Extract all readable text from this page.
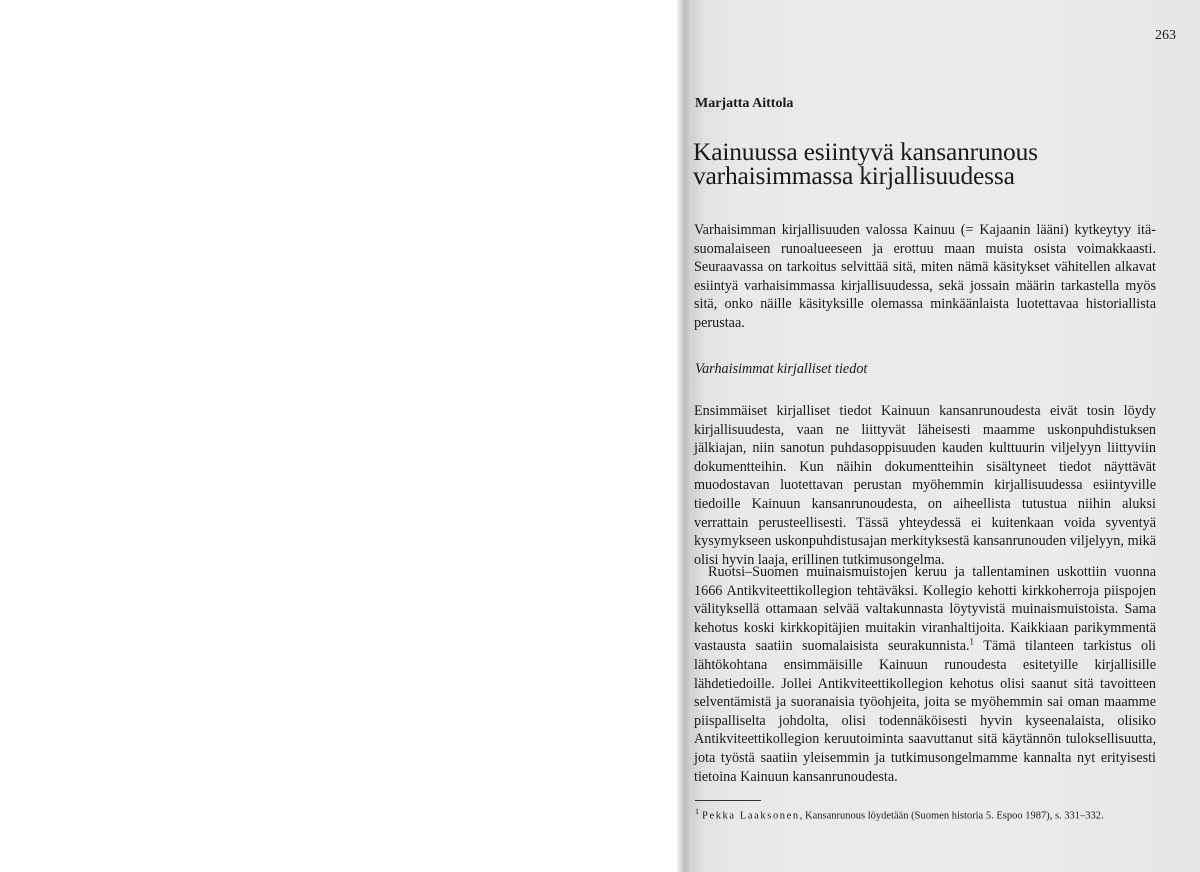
263
Marjatta Aittola
Kainuussa esiintyvä kansanrunous
varhaisimmassa kirjallisuudessa

Varhaisimman kirjallisuuden valossa Kainuu (= Kajaanin lääni) kytkeytyy itä-suomalaiseen runoalueeseen ja erottuu maan muista osista voimakkaasti. Seuraavassa on tarkoitus selvittää sitä, miten nämä käsitykset vähitellen alkavat esiintyä varhaisimmassa kirjallisuudessa, sekä jossain määrin tarkastella myös sitä, onko näille käsityksille olemassa minkäänlaista luotettavaa historiallista perustaa.

Varhaisimmat kirjalliset tiedot

Ensimmäiset kirjalliset tiedot Kainuun kansanrunoudesta eivät tosin löydy kirjallisuudesta, vaan ne liittyvät läheisesti maamme uskonpuhdistuksen jälkiajan, niin sanotun puhdasoppisuuden kauden kulttuurin viljelyyn liittyviin dokumentteihin. Kun näihin dokumentteihin sisältyneet tiedot näyttävät muodostavan luotettavan perustan myöhemmin kirjallisuudessa esiintyville tiedoille Kainuun kansanrunoudesta, on aiheellista tutustua niihin aluksi verrattain perusteellisesti. Tässä yhteydessä ei kuitenkaan voida syventyä kysymykseen uskonpuhdistusajan merkityksestä kansanrunouden viljelyyn, mikä olisi hyvin laaja, erillinen tutkimusongelma.

Ruotsi–Suomen muinaismuistojen keruu ja tallentaminen uskottiin vuonna 1666 Antikviteettikollegion tehtäväksi. Kollegio kehotti kirkkoherroja piispojen välityksellä ottamaan selvää valtakunnasta löytyvistä muinaismuistoista. Sama kehotus koski kirkkopitäjien muitakin viranhaltijoita. Kaikkiaan parikymmentä vastausta saatiin suomalaisista seurakunnista.$^1$ Tämä tilanteen tarkistus oli lähtökohtana ensimmäisille Kainuun runoudesta esitetyille kirjallisille lähdetiedoille. Jollei Antikviteettikollegion kehotus olisi saanut sitä tavoitteen selventämistä ja suoranaisia työohjeita, joita se myöhemmin sai oman maamme piispalliselta johdolta, olisi todennäköisesti hyvin kyseenalaista, olisiko Antikviteettikollegion keruutoiminta saavuttanut sitä käytännön tuloksellisuutta, jota työstä saatiin yleisemmin ja tutkimusongelmamme kannalta nyt erityisesti tietoina Kainuun kansanrunoudesta.

$^1$ Pekka Laaksonen, Kansanrunous löydetään (Suomen historia 5. Espoo 1987), s. 331–332.
